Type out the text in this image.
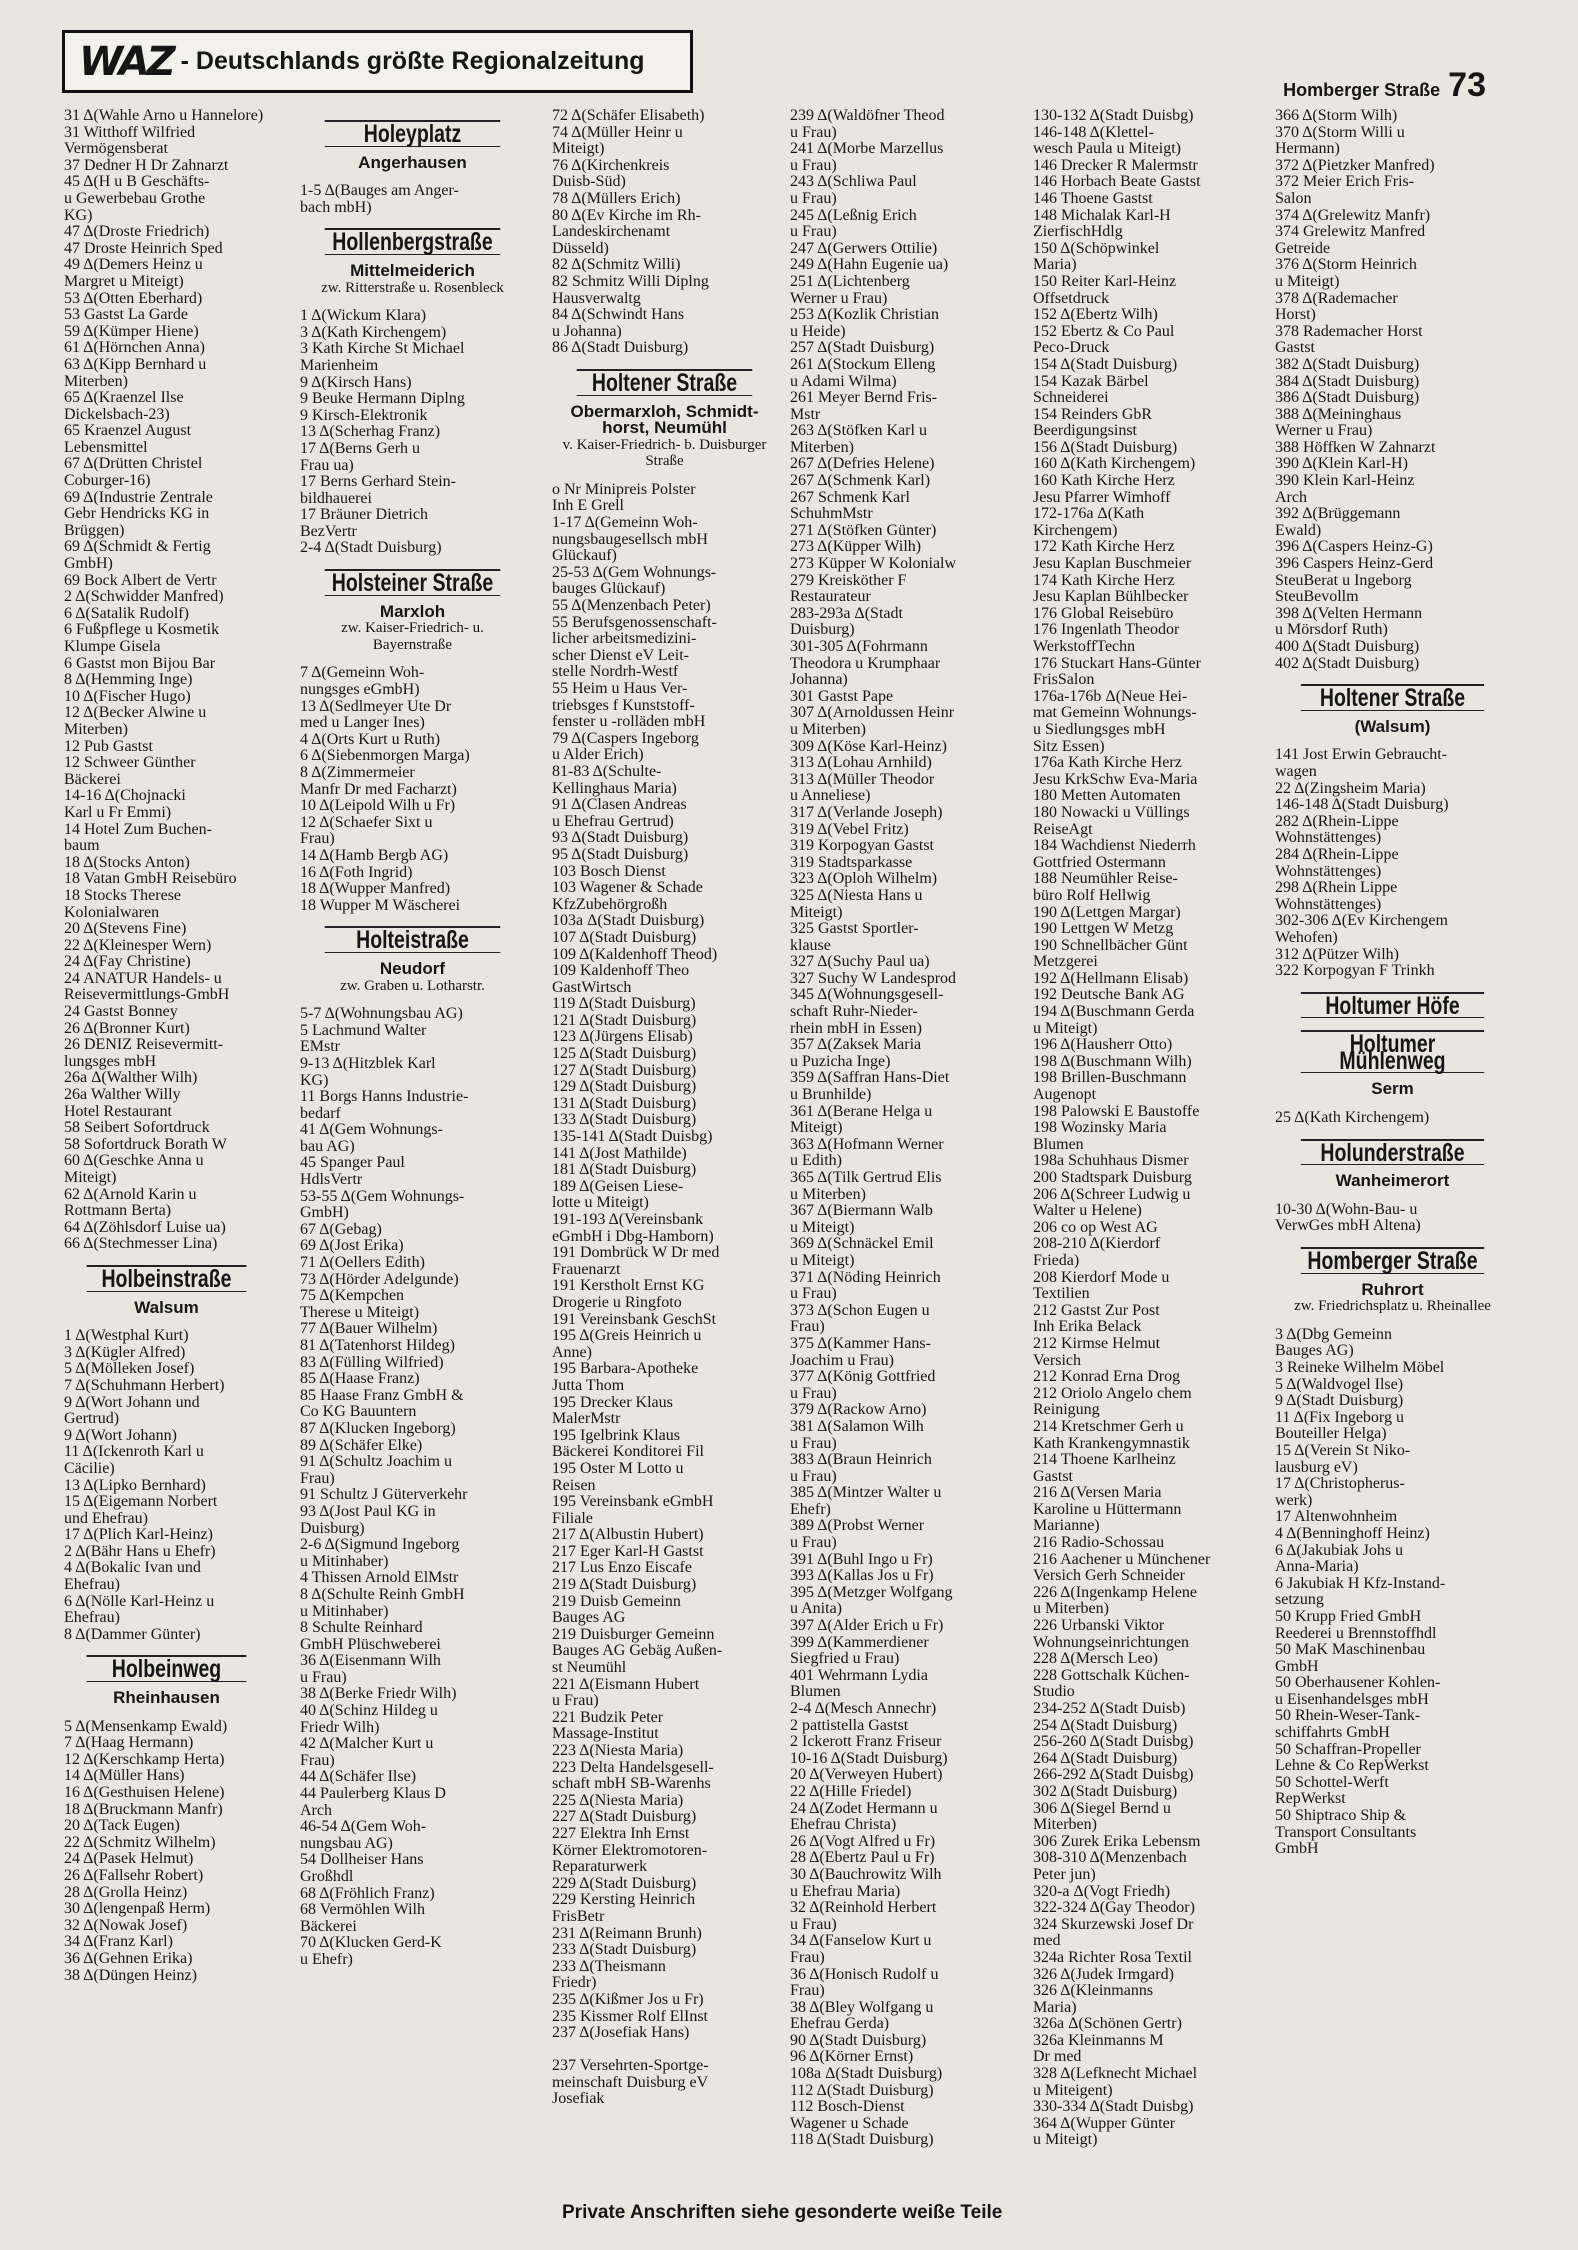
WAZ - Deutschlands größte Regionalzeitung
Homberger Straße 73
31 Δ(Wahle Arno u Hannelore)
31 Witthoff Wilfried
Vermögensberat
37 Dedner H Dr Zahnarzt
45 Δ(H u B Geschäfts-
u Gewerbebau Grothe
KG)
47 Δ(Droste Friedrich)
47 Droste Heinrich Sped
49 Δ(Demers Heinz u
Margret u Miteigt)
53 Δ(Otten Eberhard)
53 Gastst La Garde
59 Δ(Kümper Hiene)
61 Δ(Hörnchen Anna)
63 Δ(Kipp Bernhard u
Miterben)
65 Δ(Kraenzel Ilse
Dickelsbach-23)
65 Kraenzel August
Lebensmittel
67 Δ(Drütten Christel
Coburger-16)
69 Δ(Industrie Zentrale
Gebr Hendricks KG in
Brüggen)
69 Δ(Schmidt & Fertig
GmbH)
69 Bock Albert de Vertr
2 Δ(Schwidder Manfred)
6 Δ(Satalik Rudolf)
6 Fußpflege u Kosmetik
Klumpe Gisela
6 Gastst mon Bijou Bar
8 Δ(Hemming Inge)
10 Δ(Fischer Hugo)
12 Δ(Becker Alwine u
Miterben)
12 Pub Gastst
12 Schweer Günther
Bäckerei
14-16 Δ(Chojnacki
Karl u Fr Emmi)
14 Hotel Zum Buchen-
baum
18 Δ(Stocks Anton)
18 Vatan GmbH Reisebüro
18 Stocks Therese
Kolonialwaren
20 Δ(Stevens Fine)
22 Δ(Kleinesper Wern)
24 Δ(Fay Christine)
24 ANATUR Handels- u
Reisevermittlungs-GmbH
24 Gastst Bonney
26 Δ(Bronner Kurt)
26 DENIZ Reisevermitt-
lungsges mbH
26a Δ(Walther Wilh)
26a Walther Willy
Hotel Restaurant
58 Seibert Sofortdruck
58 Sofortdruck Borath W
60 Δ(Geschke Anna u
Miteigt)
62 Δ(Arnold Karin u
Rottmann Berta)
64 Δ(Zöhlsdorf Luise ua)
66 Δ(Stechmesser Lina)
Holbeinstraße
Walsum
1 Δ(Westphal Kurt)
3 Δ(Kügler Alfred)
5 Δ(Mölleken Josef)
7 Δ(Schuhmann Herbert)
9 Δ(Wort Johann und
Gertrud)
9 Δ(Wort Johann)
11 Δ(Ickenroth Karl u
Cäcilie)
13 Δ(Lipko Bernhard)
15 Δ(Eigemann Norbert
und Ehefrau)
17 Δ(Plich Karl-Heinz)
2 Δ(Bähr Hans u Ehefr)
4 Δ(Bokalic Ivan und
Ehefrau)
6 Δ(Nölle Karl-Heinz u
Ehefrau)
8 Δ(Dammer Günter)
Holbeinweg
Rheinhausen
5 Δ(Mensenkamp Ewald)
7 Δ(Haag Hermann)
12 Δ(Kerschkamp Herta)
14 Δ(Müller Hans)
16 Δ(Gesthuisen Helene)
18 Δ(Bruckmann Manfr)
20 Δ(Tack Eugen)
22 Δ(Schmitz Wilhelm)
24 Δ(Pasek Helmut)
26 Δ(Fallsehr Robert)
28 Δ(Grolla Heinz)
30 Δ(lengenpaß Herm)
32 Δ(Nowak Josef)
34 Δ(Franz Karl)
36 Δ(Gehnen Erika)
38 Δ(Düngen Heinz)
Holeyplatz
Angerhausen
1-5 Δ(Bauges am Anger-
bach mbH)
Hollenbergstraße
Mittelmeiderich
zw. Ritterstraße u. Rosenbleck
1 Δ(Wickum Klara)
3 Δ(Kath Kirchengem)
3 Kath Kirche St Michael
Marienheim
9 Δ(Kirsch Hans)
9 Beuke Hermann Diplng
9 Kirsch-Elektronik
13 Δ(Scherhag Franz)
17 Δ(Berns Gerh u
Frau ua)
17 Berns Gerhard Stein-
bildhauerei
17 Bräuner Dietrich
BezVertr
2-4 Δ(Stadt Duisburg)
Holsteiner Straße
Marxloh
zw. Kaiser-Friedrich- u. Bayernstraße
7 Δ(Gemeinn Woh-
nungsges eGmbH)
13 Δ(Sedlmeyer Ute Dr
med u Langer Ines)
4 Δ(Orts Kurt u Ruth)
6 Δ(Siebenmorgen Marga)
8 Δ(Zimmermeier
Manfr Dr med Facharzt)
10 Δ(Leipold Wilh u Fr)
12 Δ(Schaefer Sixt u
Frau)
14 Δ(Hamb Bergb AG)
16 Δ(Foth Ingrid)
18 Δ(Wupper Manfred)
18 Wupper M Wäscherei
Holteistraße
Neudorf
zw. Graben u. Lotharstr.
5-7 Δ(Wohnungsbau AG)
5 Lachmund Walter
EMstr
9-13 Δ(Hitzblek Karl
KG)
11 Borgs Hanns Industrie-
bedarf
41 Δ(Gem Wohnungs-
bau AG)
45 Spanger Paul
HdlsVertr
53-55 Δ(Gem Wohnungs-
GmbH)
67 Δ(Gebag)
69 Δ(Jost Erika)
71 Δ(Oellers Edith)
73 Δ(Hörder Adelgunde)
75 Δ(Kempchen
Therese u Miteigt)
77 Δ(Bauer Wilhelm)
81 Δ(Tatenhorst Hildeg)
83 Δ(Fülling Wilfried)
85 Δ(Haase Franz)
85 Haase Franz GmbH &
Co KG Bauuntern
87 Δ(Klucken Ingeborg)
89 Δ(Schäfer Elke)
91 Δ(Schultz Joachim u
Frau)
91 Schultz J Güterverkehr
93 Δ(Jost Paul KG in
Duisburg)
2-6 Δ(Sigmund Ingeborg
u Mitinhaber)
4 Thissen Arnold ElMstr
8 Δ(Schulte Reinh GmbH
u Mitinhaber)
8 Schulte Reinhard
GmbH Plüschweberei
36 Δ(Eisenmann Wilh
u Frau)
38 Δ(Berke Friedr Wilh)
40 Δ(Schinz Hildeg u
Friedr Wilh)
42 Δ(Malcher Kurt u
Frau)
44 Δ(Schäfer Ilse)
44 Paulerberg Klaus D
Arch
46-54 Δ(Gem Woh-
nungsbau AG)
54 Dollheiser Hans
Großhdl
68 Δ(Fröhlich Franz)
68 Vermöhlen Wilh
Bäckerei
70 Δ(Klucken Gerd-K
u Ehefr)
72 Δ(Schäfer Elisabeth)
74 Δ(Müller Heinr u
Miteigt)
76 Δ(Kirchenkreis
Duisb-Süd)
78 Δ(Müllers Erich)
80 Δ(Ev Kirche im Rh-
Landeskirchenamt
Düsseld)
82 Δ(Schmitz Willi)
82 Schmitz Willi Diplng
Hausverwaltg
84 Δ(Schwindt Hans
u Johanna)
86 Δ(Stadt Duisburg)
Holtener Straße
Obermarxloh, Schmidt-horst, Neumühl
v. Kaiser-Friedrich- b. Duisburger Straße
o Nr Minipreis Polster
Inh E Grell
1-17 Δ(Gemeinn Woh-
nungsbaugesellsch mbH
Glückauf)
25-53 Δ(Gem Wohnungs-
bauges Glückauf)
55 Δ(Menzenbach Peter)
55 Berufsgenossenschaft-
licher arbeitsmedizini-
scher Dienst eV Leit-
stelle Nordrh-Westf
55 Heim u Haus Ver-
triebsges f Kunststoff-
fenster u -rolläden mbH
79 Δ(Caspers Ingeborg
u Alder Erich)
81-83 Δ(Schulte-
Kellinghaus Maria)
91 Δ(Clasen Andreas
u Ehefrau Gertrud)
93 Δ(Stadt Duisburg)
95 Δ(Stadt Duisburg)
103 Bosch Dienst
103 Wagener & Schade
KfzZubehörgroßh
103a Δ(Stadt Duisburg)
107 Δ(Stadt Duisburg)
109 Δ(Kaldenhoff Theod)
109 Kaldenhoff Theo
GastWirtsch
119 Δ(Stadt Duisburg)
121 Δ(Stadt Duisburg)
123 Δ(Jürgens Elisab)
125 Δ(Stadt Duisburg)
127 Δ(Stadt Duisburg)
129 Δ(Stadt Duisburg)
131 Δ(Stadt Duisburg)
133 Δ(Stadt Duisburg)
135-141 Δ(Stadt Duisbg)
141 Δ(Jost Mathilde)
181 Δ(Stadt Duisburg)
189 Δ(Geisen Liese-
lotte u Miteigt)
191-193 Δ(Vereinsbank
eGmbH i Dbg-Hamborn)
191 Dombrück W Dr med
Frauenarzt
191 Kerstholt Ernst KG
Drogerie u Ringfoto
191 Vereinsbank GeschSt
195 Δ(Greis Heinrich u
Anne)
195 Barbara-Apotheke
Jutta Thom
195 Drecker Klaus
MalerMstr
195 Igelbrink Klaus
Bäckerei Konditorei Fil
195 Oster M Lotto u
Reisen
195 Vereinsbank eGmbH
Filiale
217 Δ(Albustin Hubert)
217 Eger Karl-H Gastst
217 Lus Enzo Eiscafe
219 Δ(Stadt Duisburg)
219 Duisb Gemeinn
Bauges AG
219 Duisburger Gemeinn
Bauges AG Gebäg Außen-
st Neumühl
221 Δ(Eismann Hubert
u Frau)
221 Budzik Peter
Massage-Institut
223 Δ(Niesta Maria)
223 Delta Handelsgesell-
schaft mbH SB-Warenhs
225 Δ(Niesta Maria)
227 Δ(Stadt Duisburg)
227 Elektra Inh Ernst
Körner Elektromotoren-
Reparaturwerk
229 Δ(Stadt Duisburg)
229 Kersting Heinrich
FrisBetr
231 Δ(Reimann Brunh)
233 Δ(Stadt Duisburg)
233 Δ(Theismann
Friedr)
235 Δ(Kißmer Jos u Fr)
235 Kissmer Rolf ElInst
237 Δ(Josefiak Hans)

237 Versehrten-Sportge-
meinschaft Duisburg eV
Josefiak
239 Δ(Waldöfner Theod
u Frau)
241 Δ(Morbe Marzellus
u Frau)
243 Δ(Schliwa Paul
u Frau)
245 Δ(Leßnig Erich
u Frau)
247 Δ(Gerwers Ottilie)
249 Δ(Hahn Eugenie ua)
251 Δ(Lichtenberg
Werner u Frau)
253 Δ(Kozlik Christian
u Heide)
257 Δ(Stadt Duisburg)
261 Δ(Stockum Elleng
u Adami Wilma)
261 Meyer Bernd Fris-
Mstr
263 Δ(Stöfken Karl u
Miterben)
267 Δ(Defries Helene)
267 Δ(Schmenk Karl)
267 Schmenk Karl
SchuhmMstr
271 Δ(Stöfken Günter)
273 Δ(Küpper Wilh)
273 Küpper W Kolonialw
279 Kreisköther F
Restaurateur
283-293a Δ(Stadt
Duisburg)
301-305 Δ(Fohrmann
Theodora u Krumphaar
Johanna)
301 Gastst Pape
307 Δ(Arnoldussen Heinr
u Miterben)
309 Δ(Köse Karl-Heinz)
313 Δ(Lohau Arnhild)
313 Δ(Müller Theodor
u Anneliese)
317 Δ(Verlande Joseph)
319 Δ(Vebel Fritz)
319 Korpogyan Gastst
319 Stadtsparkasse
323 Δ(Oploh Wilhelm)
325 Δ(Niesta Hans u
Miteigt)
325 Gastst Sportler-
klause
327 Δ(Suchy Paul ua)
327 Suchy W Landesprod
345 Δ(Wohnungsgesell-
schaft Ruhr-Nieder-
rhein mbH in Essen)
357 Δ(Zaksek Maria
u Puzicha Inge)
359 Δ(Saffran Hans-Diet
u Brunhilde)
361 Δ(Berane Helga u
Miteigt)
363 Δ(Hofmann Werner
u Edith)
365 Δ(Tilk Gertrud Elis
u Miterben)
367 Δ(Biermann Walb
u Miteigt)
369 Δ(Schnäckel Emil
u Miteigt)
371 Δ(Nöding Heinrich
u Frau)
373 Δ(Schon Eugen u
Frau)
375 Δ(Kammer Hans-
Joachim u Frau)
377 Δ(König Gottfried
u Frau)
379 Δ(Rackow Arno)
381 Δ(Salamon Wilh
u Frau)
383 Δ(Braun Heinrich
u Frau)
385 Δ(Mintzer Walter u
Ehefr)
389 Δ(Probst Werner
u Frau)
391 Δ(Buhl Ingo u Fr)
393 Δ(Kallas Jos u Fr)
395 Δ(Metzger Wolfgang
u Anita)
397 Δ(Alder Erich u Fr)
399 Δ(Kammerdiener
Siegfried u Frau)
401 Wehrmann Lydia
Blumen
2-4 Δ(Mesch Annechr)
2 pattistella Gastst
2 Ickerott Franz Friseur
10-16 Δ(Stadt Duisburg)
20 Δ(Verweyen Hubert)
22 Δ(Hille Friedel)
24 Δ(Zodet Hermann u
Ehefrau Christa)
26 Δ(Vogt Alfred u Fr)
28 Δ(Ebertz Paul u Fr)
30 Δ(Bauchrowitz Wilh
u Ehefrau Maria)
32 Δ(Reinhold Herbert
u Frau)
34 Δ(Fanselow Kurt u
Frau)
36 Δ(Honisch Rudolf u
Frau)
38 Δ(Bley Wolfgang u
Ehefrau Gerda)
90 Δ(Stadt Duisburg)
96 Δ(Körner Ernst)
108a Δ(Stadt Duisburg)
112 Δ(Stadt Duisburg)
112 Bosch-Dienst
Wagener u Schade
118 Δ(Stadt Duisburg)
130-132 Δ(Stadt Duisbg)
146-148 Δ(Klettel-
wesch Paula u Miteigt)
146 Drecker R Malermstr
146 Horbach Beate Gastst
146 Thoene Gastst
148 Michalak Karl-H
ZierfischHdlg
150 Δ(Schöpwinkel
Maria)
150 Reiter Karl-Heinz
Offsetdruck
152 Δ(Ebertz Wilh)
152 Ebertz & Co Paul
Peco-Druck
154 Δ(Stadt Duisburg)
154 Kazak Bärbel
Schneiderei
154 Reinders GbR
Beerdigungsinst
156 Δ(Stadt Duisburg)
160 Δ(Kath Kirchengem)
160 Kath Kirche Herz
Jesu Pfarrer Wimhoff
172-176a Δ(Kath
Kirchengem)
172 Kath Kirche Herz
Jesu Kaplan Buschmeier
174 Kath Kirche Herz
Jesu Kaplan Bühlbecker
176 Global Reisebüro
176 Ingenlath Theodor
WerkstoffTechn
176 Stuckart Hans-Günter
FrisSalon
176a-176b Δ(Neue Hei-
mat Gemeinn Wohnungs-
u Siedlungsges mbH
Sitz Essen)
176a Kath Kirche Herz
Jesu KrkSchw Eva-Maria
180 Metten Automaten
180 Nowacki u Vüllings
ReiseAgt
184 Wachdienst Niederrh
Gottfried Ostermann
188 Neumühler Reise-
büro Rolf Hellwig
190 Δ(Lettgen Margar)
190 Lettgen W Metzg
190 Schnellbächer Günt
Metzgerei
192 Δ(Hellmann Elisab)
192 Deutsche Bank AG
194 Δ(Buschmann Gerda
u Miteigt)
196 Δ(Hausherr Otto)
198 Δ(Buschmann Wilh)
198 Brillen-Buschmann
Augenopt
198 Palowski E Baustoffe
198 Wozinsky Maria
Blumen
198a Schuhhaus Dismer
200 Stadtspark Duisburg
206 Δ(Schreer Ludwig u
Walter u Helene)
206 co op West AG
208-210 Δ(Kierdorf
Frieda)
208 Kierdorf Mode u
Textilien
212 Gastst Zur Post
Inh Erika Belack
212 Kirmse Helmut
Versich
212 Konrad Erna Drog
212 Oriolo Angelo chem
Reinigung
214 Kretschmer Gerh u
Kath Krankengymnastik
214 Thoene Karlheinz
Gastst
216 Δ(Versen Maria
Karoline u Hüttermann
Marianne)
216 Radio-Schossau
216 Aachener u Münchener
Versich Gerh Schneider
226 Δ(Ingenkamp Helene
u Miterben)
226 Urbanski Viktor
Wohnungseinrichtungen
228 Δ(Mersch Leo)
228 Gottschalk Küchen-
Studio
234-252 Δ(Stadt Duisb)
254 Δ(Stadt Duisburg)
256-260 Δ(Stadt Duisbg)
264 Δ(Stadt Duisburg)
266-292 Δ(Stadt Duisbg)
302 Δ(Stadt Duisburg)
306 Δ(Siegel Bernd u
Miterben)
306 Zurek Erika Lebensm
308-310 Δ(Menzenbach
Peter jun)
320-a Δ(Vogt Friedh)
322-324 Δ(Gay Theodor)
324 Skurzewski Josef Dr
med
324a Richter Rosa Textil
326 Δ(Judek Irmgard)
326 Δ(Kleinmanns
Maria)
326a Δ(Schönen Gertr)
326a Kleinmanns M
Dr med
328 Δ(Lefknecht Michael
u Miteigent)
330-334 Δ(Stadt Duisbg)
364 Δ(Wupper Günter
u Miteigt)
366 Δ(Storm Wilh)
370 Δ(Storm Willi u
Hermann)
372 Δ(Pietzker Manfred)
372 Meier Erich Fris-
Salon
374 Δ(Grelewitz Manfr)
374 Grelewitz Manfred
Getreide
376 Δ(Storm Heinrich
u Miteigt)
378 Δ(Rademacher
Horst)
378 Rademacher Horst
Gastst
382 Δ(Stadt Duisburg)
384 Δ(Stadt Duisburg)
386 Δ(Stadt Duisburg)
388 Δ(Meininghaus
Werner u Frau)
388 Höffken W Zahnarzt
390 Δ(Klein Karl-H)
390 Klein Karl-Heinz
Arch
392 Δ(Brüggemann
Ewald)
396 Δ(Caspers Heinz-G)
396 Caspers Heinz-Gerd
SteuBerat u Ingeborg
SteuBevollm
398 Δ(Velten Hermann
u Mörsdorf Ruth)
400 Δ(Stadt Duisburg)
402 Δ(Stadt Duisburg)
Holtener Straße
(Walsum)
141 Jost Erwin Gebraucht-
wagen
22 Δ(Zingsheim Maria)
146-148 Δ(Stadt Duisburg)
282 Δ(Rhein-Lippe
Wohnstättenges)
284 Δ(Rhein-Lippe
Wohnstättenges)
298 Δ(Rhein Lippe
Wohnstättenges)
302-306 Δ(Ev Kirchengem
Wehofen)
312 Δ(Pützer Wilh)
322 Korpogyan F Trinkh
Holtumer Höfe
Holtumer Mühlenweg
Serm
25 Δ(Kath Kirchengem)
Holunderstraße
Wanheimerort
10-30 Δ(Wohn-Bau- u
VerwGes mbH Altena)
Homberger Straße
Ruhrort
zw. Friedrichsplatz u. Rheinallee
3 Δ(Dbg Gemeinn
Bauges AG)
3 Reineke Wilhelm Möbel
5 Δ(Waldvogel Ilse)
9 Δ(Stadt Duisburg)
11 Δ(Fix Ingeborg u
Bouteiller Helga)
15 Δ(Verein St Niko-
lausburg eV)
17 Δ(Christopherus-
werk)
17 Altenwohnheim
4 Δ(Benninghoff Heinz)
6 Δ(Jakubiak Johs u
Anna-Maria)
6 Jakubiak H Kfz-Instand-
setzung
50 Krupp Fried GmbH
Reederei u Brennstoffhdl
50 MaK Maschinenbau
GmbH
50 Oberhausener Kohlen-
u Eisenhandelsges mbH
50 Rhein-Weser-Tank-
schiffahrts GmbH
50 Schaffran-Propeller
Lehne & Co RepWerkst
50 Schottel-Werft
RepWerkst
50 Shiptraco Ship &
Transport Consultants
GmbH
Private Anschriften siehe gesonderte weiße Teile
